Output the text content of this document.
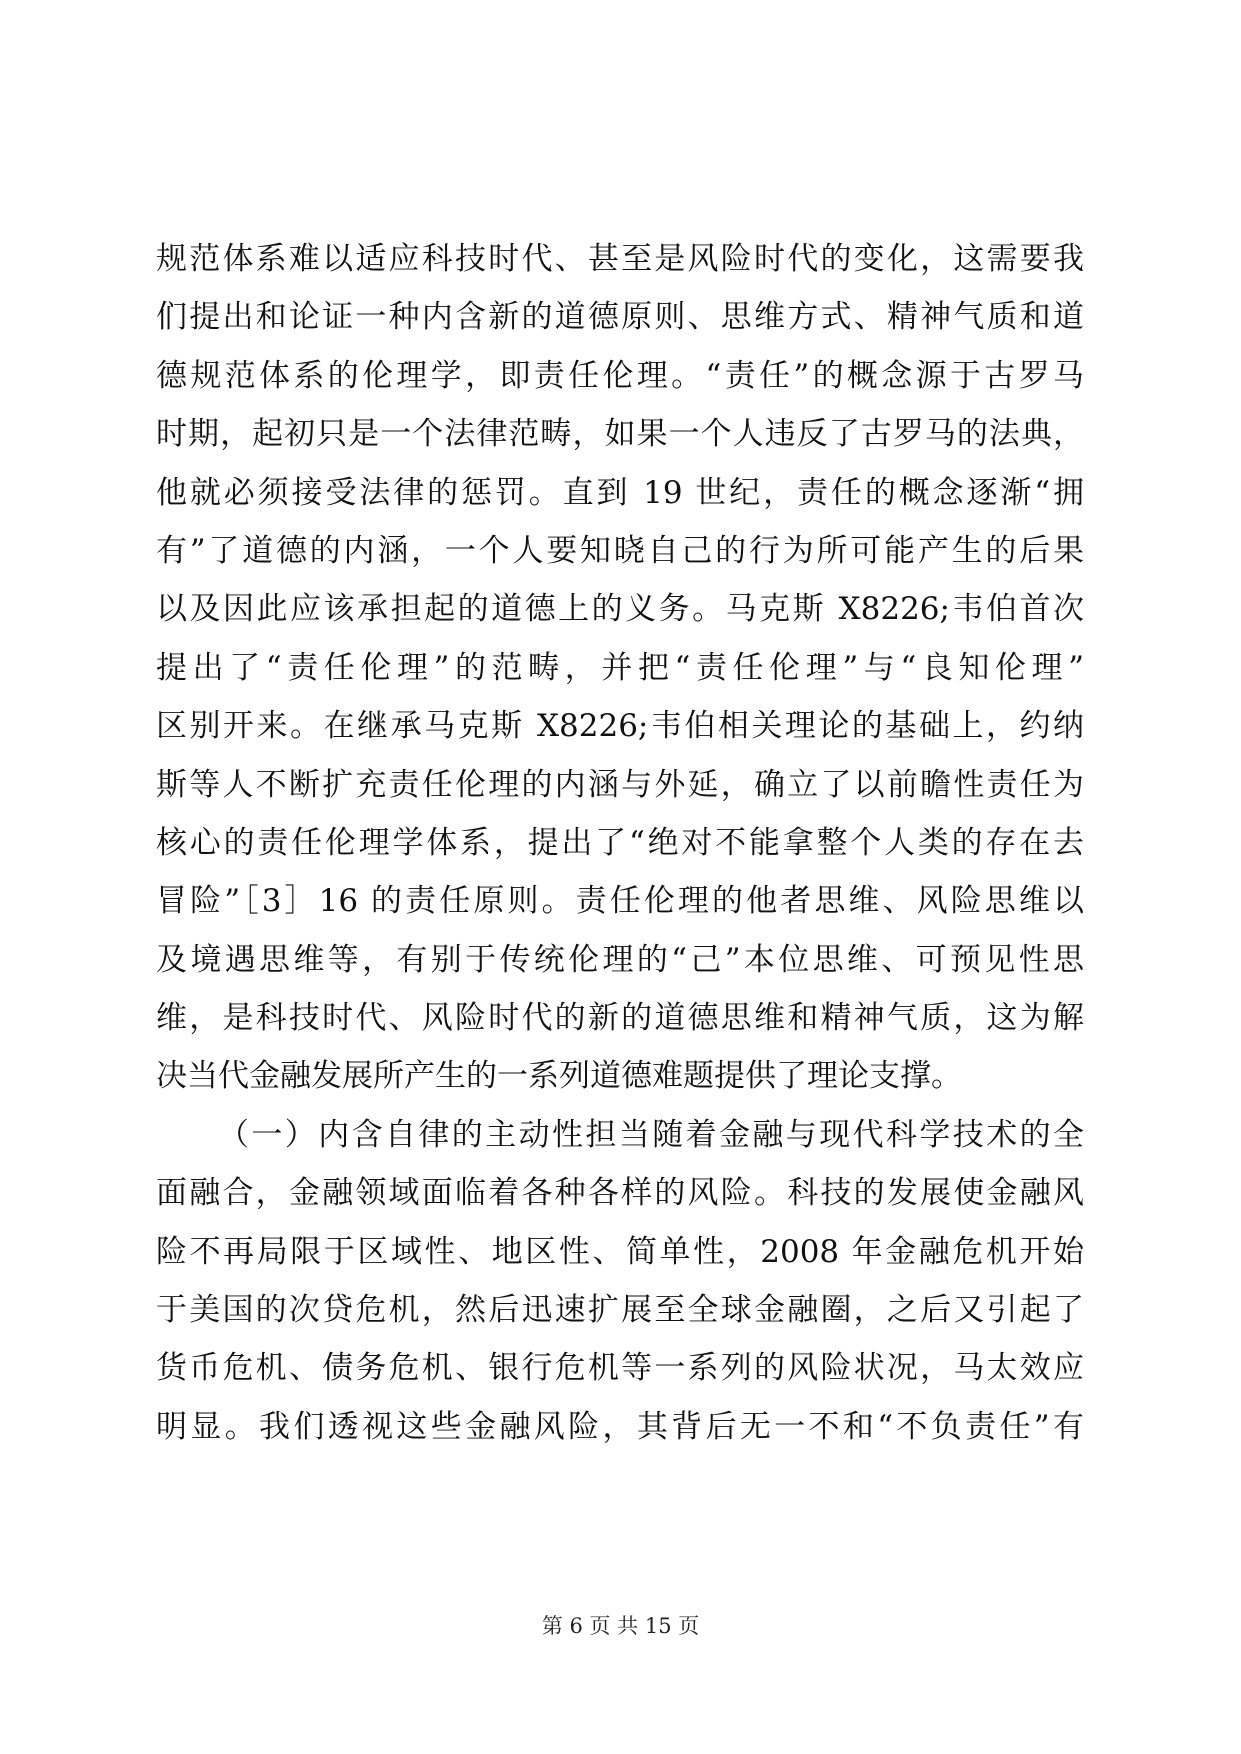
规范体系难以适应科技时代、甚至是风险时代的变化，这需要我
们提出和论证一种内含新的道德原则、思维方式、精神气质和道
德规范体系的伦理学，即责任伦理。“责任”的概念源于古罗马
时期，起初只是一个法律范畴，如果一个人违反了古罗马的法典，
他就必须接受法律的惩罚。直到 19 世纪，责任的概念逐渐“拥
有”了道德的内涵，一个人要知晓自己的行为所可能产生的后果
以及因此应该承担起的道德上的义务。马克斯 X8226;韦伯首次
提出了“责任伦理”的范畴，并把“责任伦理”与“良知伦理”
区别开来。在继承马克斯 X8226;韦伯相关理论的基础上，约纳
斯等人不断扩充责任伦理的内涵与外延，确立了以前瞻性责任为
核心的责任伦理学体系，提出了“绝对不能拿整个人类的存在去
冒险”［3］16 的责任原则。责任伦理的他者思维、风险思维以
及境遇思维等，有别于传统伦理的“己”本位思维、可预见性思
维，是科技时代、风险时代的新的道德思维和精神气质，这为解
决当代金融发展所产生的一系列道德难题提供了理论支撑。
（一）内含自律的主动性担当随着金融与现代科学技术的全
面融合，金融领域面临着各种各样的风险。科技的发展使金融风
险不再局限于区域性、地区性、简单性，2008 年金融危机开始
于美国的次贷危机，然后迅速扩展至全球金融圈，之后又引起了
货币危机、债务危机、银行危机等一系列的风险状况，马太效应
明显。我们透视这些金融风险，其背后无一不和“不负责任”有
第 6 页 共 15 页
